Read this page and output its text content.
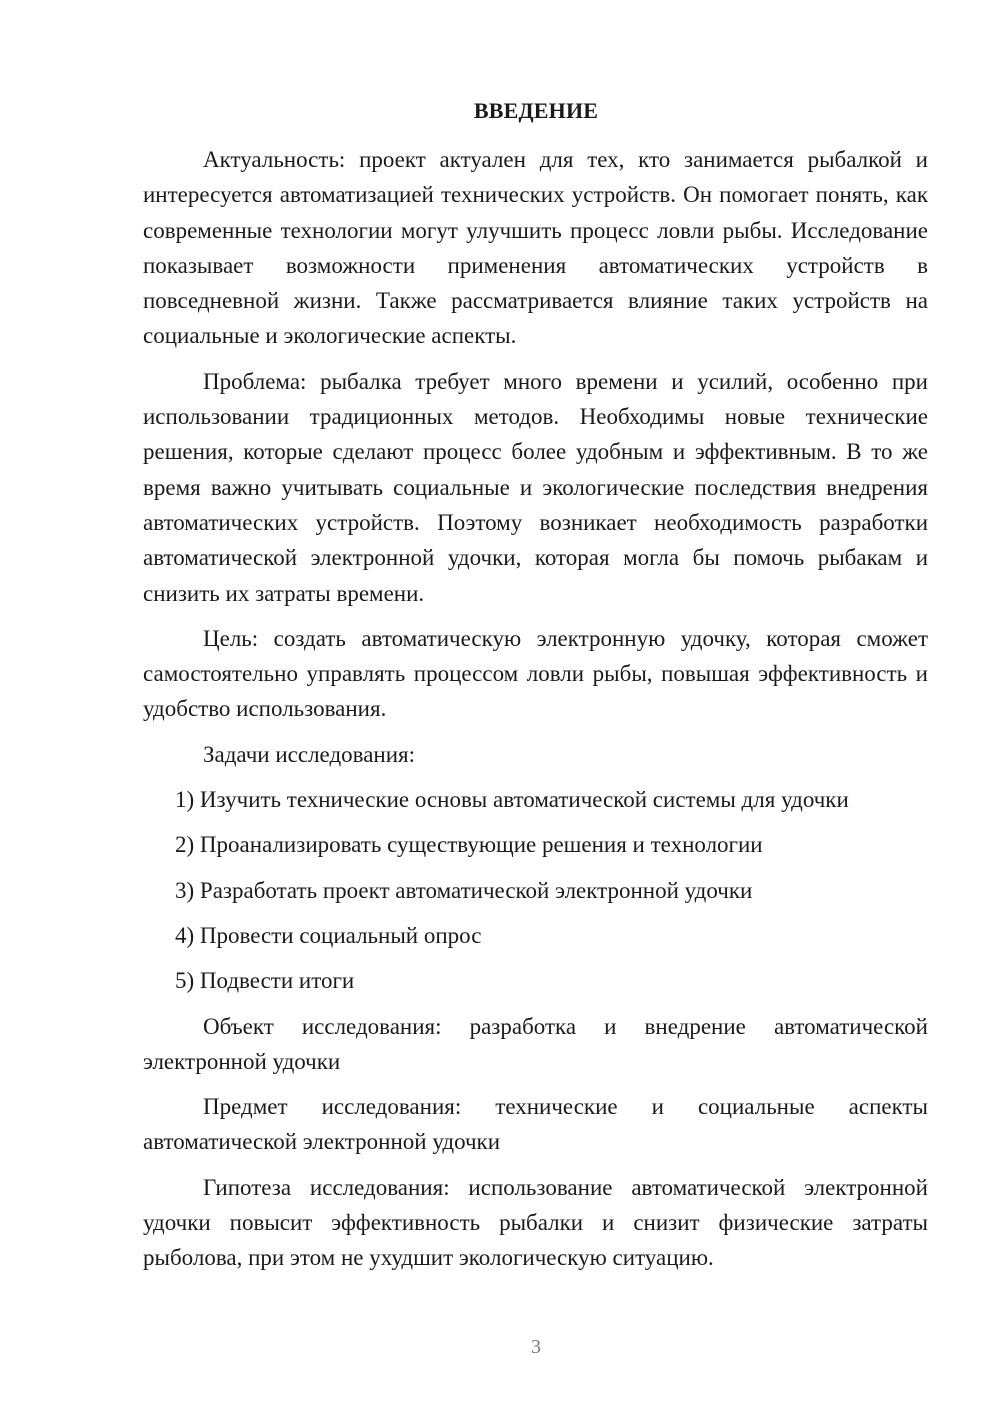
ВВЕДЕНИЕ

Актуальность: проект актуален для тех, кто занимается рыбалкой и интересуется автоматизацией технических устройств. Он помогает понять, как современные технологии могут улучшить процесс ловли рыбы. Исследование показывает возможности применения автоматических устройств в повседневной жизни. Также рассматривается влияние таких устройств на социальные и экологические аспекты.

Проблема: рыбалка требует много времени и усилий, особенно при использовании традиционных методов. Необходимы новые технические решения, которые сделают процесс более удобным и эффективным. В то же время важно учитывать социальные и экологические последствия внедрения автоматических устройств. Поэтому возникает необходимость разработки автоматической электронной удочки, которая могла бы помочь рыбакам и снизить их затраты времени.

Цель: создать автоматическую электронную удочку, которая сможет самостоятельно управлять процессом ловли рыбы, повышая эффективность и удобство использования.

Задачи исследования:

1) Изучить технические основы автоматической системы для удочки
2) Проанализировать существующие решения и технологии
3) Разработать проект автоматической электронной удочки
4) Провести социальный опрос
5) Подвести итоги

Объект исследования: разработка и внедрение автоматической электронной удочки

Предмет исследования: технические и социальные аспекты автоматической электронной удочки

Гипотеза исследования: использование автоматической электронной удочки повысит эффективность рыбалки и снизит физические затраты рыболова, при этом не ухудшит экологическую ситуацию.

3
